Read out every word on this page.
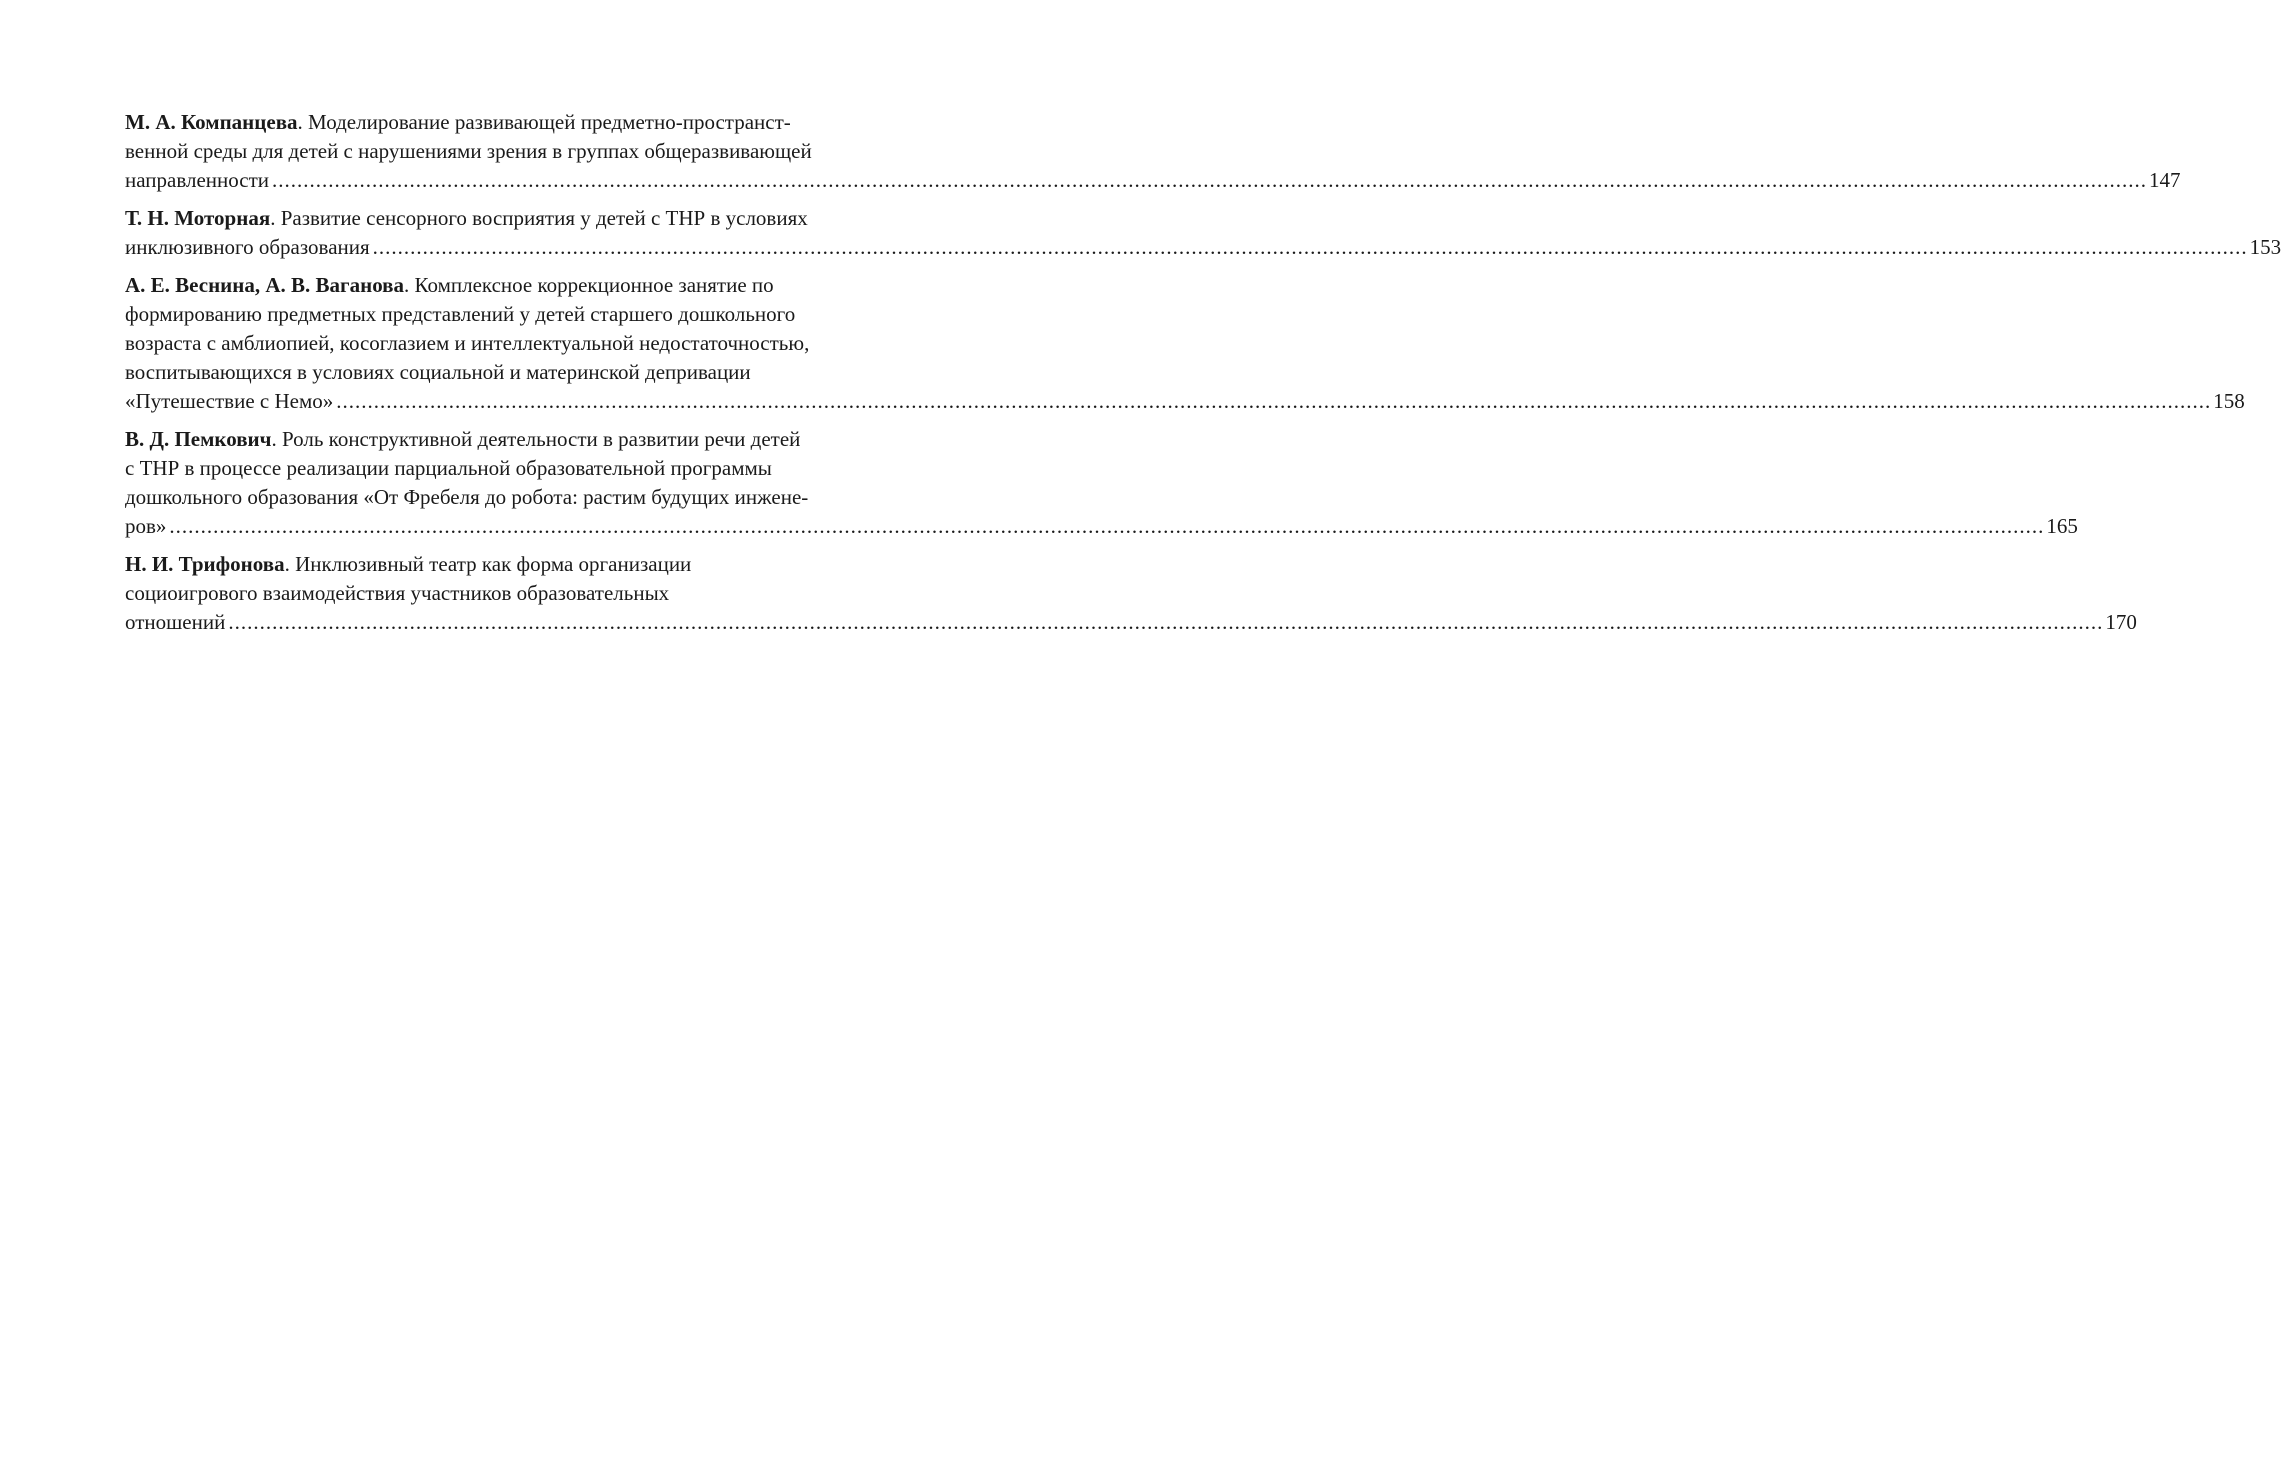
М. А. Компанцева. Моделирование развивающей предметно-пространст-
венной среды для детей с нарушениями зрения в группах общеразвивающей
направленности ............................................................................................................................................................................................................................................................................................................ 147
Т. Н. Моторная. Развитие сенсорного восприятия у детей с ТНР в условиях
инклюзивного образования ............................................................................................................................................................................................................................................................................................................ 153
А. Е. Веснина, А. В. Ваганова. Комплексное коррекционное занятие по
формированию предметных представлений у детей старшего дошкольного
возраста с амблиопией, косоглазием и интеллектуальной недостаточностью,
воспитывающихся в условиях социальной и материнской депривации
«Путешествие с Немо» ............................................................................................................................................................................................................................................................................................................ 158
В. Д. Пемкович. Роль конструктивной деятельности в развитии речи детей
с ТНР в процессе реализации парциальной образовательной программы
дошкольного образования «От Фребеля до робота: растим будущих инжене-
ров» ............................................................................................................................................................................................................................................................................................................ 165
Н. И. Трифонова. Инклюзивный театр как форма организации
социоигрового взаимодействия участников образовательных
отношений ............................................................................................................................................................................................................................................................................................................ 170
